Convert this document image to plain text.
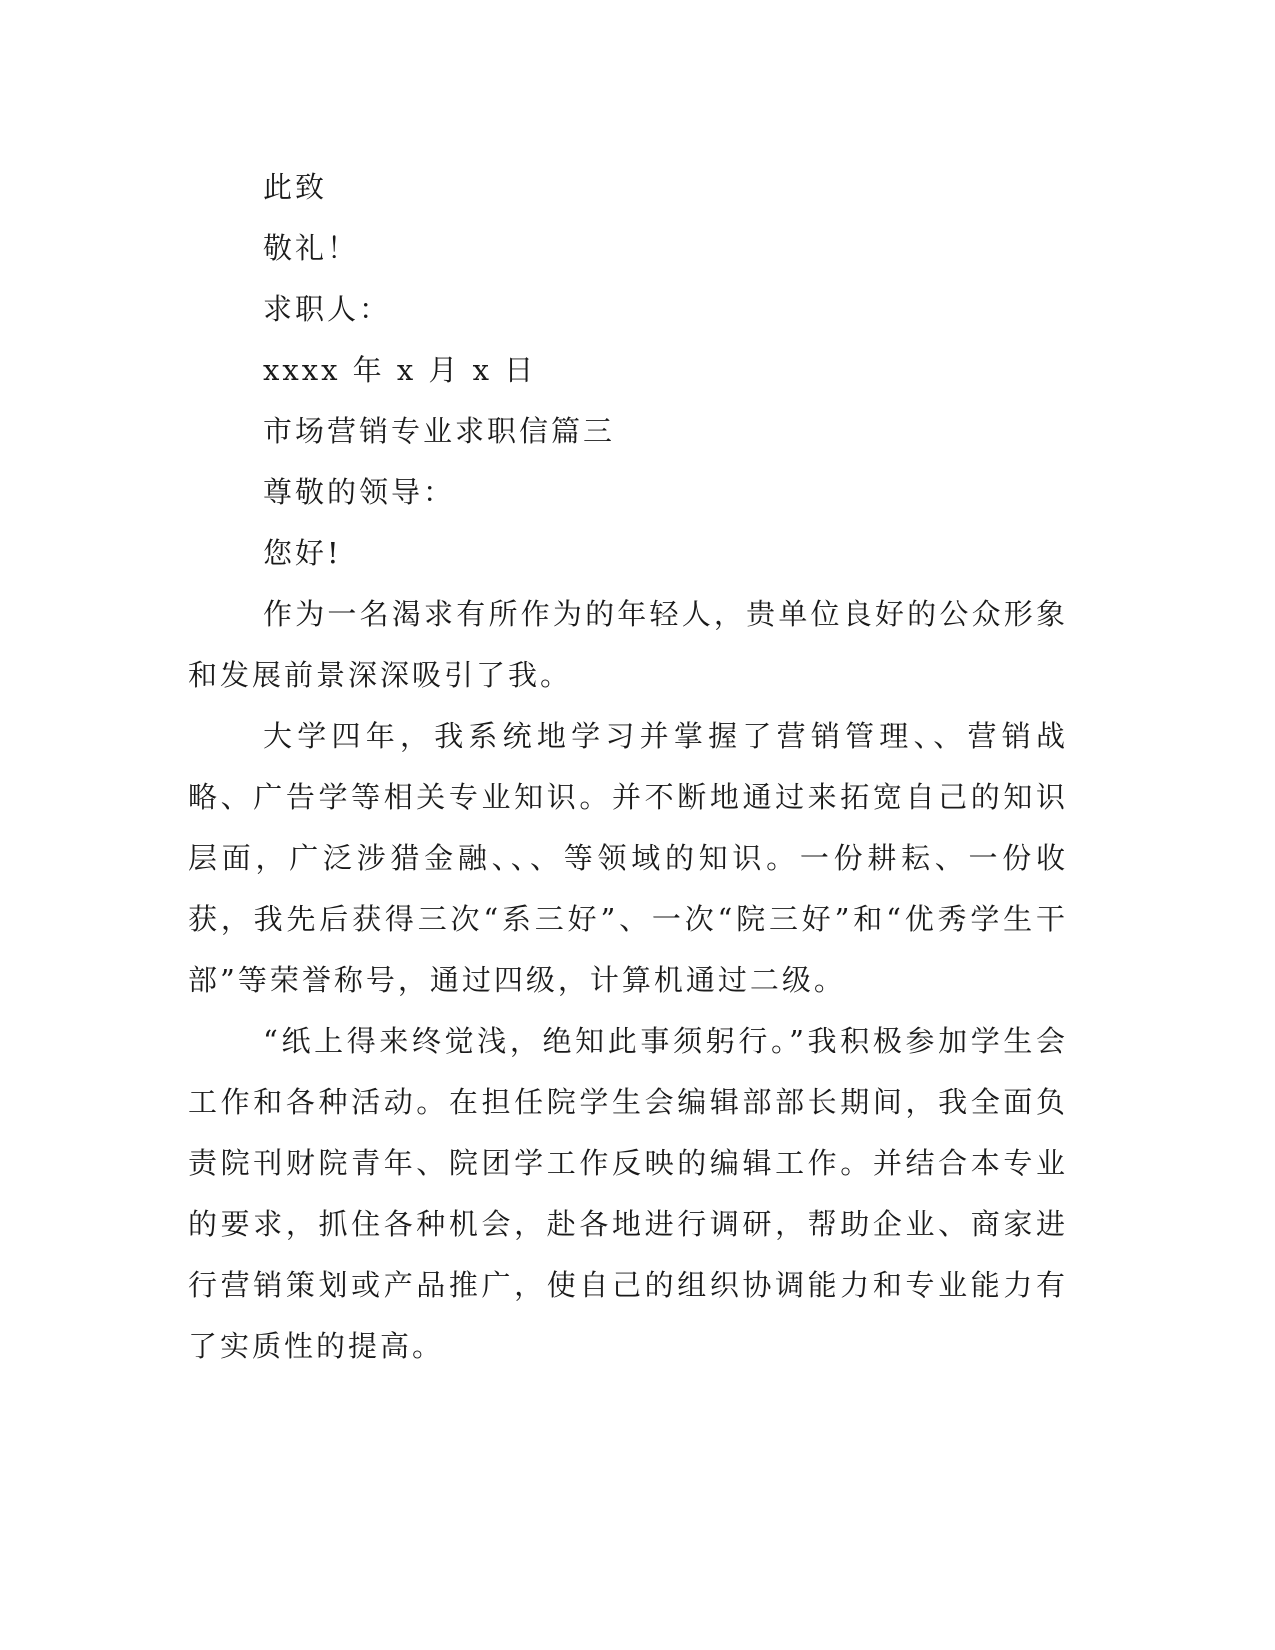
此致

敬礼！

求职人：

xxxx 年 x 月 x 日

市场营销专业求职信篇三

尊敬的领导：

您好!

作为一名渴求有所作为的年轻人，贵单位良好的公众形象和发展前景深深吸引了我。

大学四年，我系统地学习并掌握了营销管理、、营销战略、广告学等相关专业知识。并不断地通过来拓宽自己的知识层面，广泛涉猎金融、、、等领域的知识。一份耕耘、一份收获，我先后获得三次“系三好”、一次“院三好”和“优秀学生干部”等荣誉称号，通过四级，计算机通过二级。

“纸上得来终觉浅，绝知此事须躬行。”我积极参加学生会工作和各种活动。在担任院学生会编辑部部长期间，我全面负责院刊财院青年、院团学工作反映的编辑工作。并结合本专业的要求，抓住各种机会，赴各地进行调研，帮助企业、商家进行营销策划或产品推广，使自己的组织协调能力和专业能力有了实质性的提高。
